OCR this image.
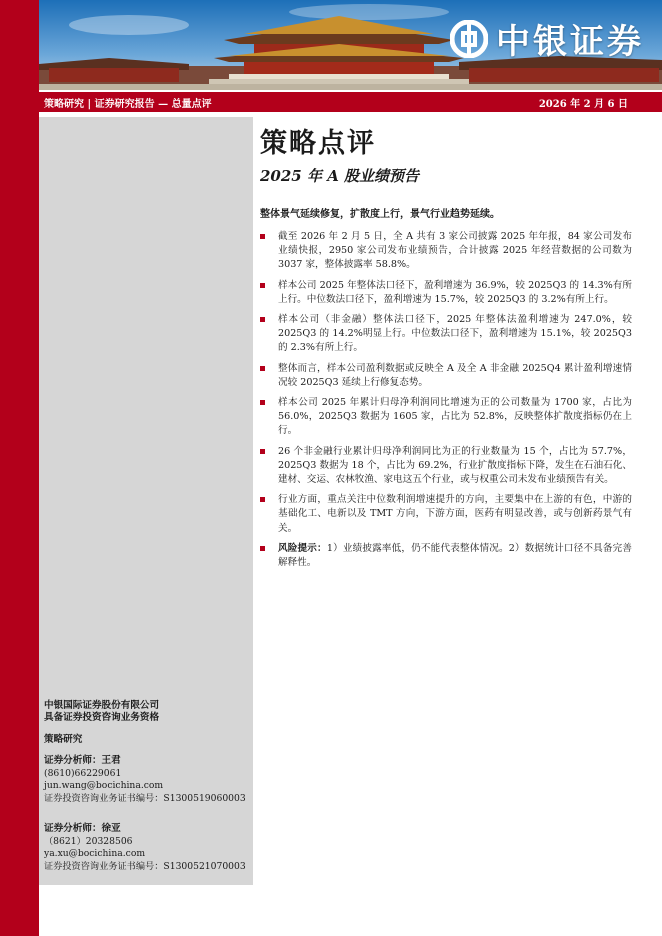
中银证券
策略研究 | 证券研究报告 — 总量点评	2026 年 2 月 6 日
中银国际证券股份有限公司
具备证券投资咨询业务资格
策略研究
证券分析师：王君
(8610)66229061
jun.wang@bocichina.com
证券投资咨询业务证书编号：S1300519060003
证券分析师：徐亚
（8621）20328506
ya.xu@bocichina.com
证券投资咨询业务证书编号：S1300521070003
策略点评
2025 年 A 股业绩预告
整体景气延续修复，扩散度上行，景气行业趋势延续。
截至 2026 年 2 月 5 日，全 A 共有 3 家公司披露 2025 年年报，84 家公司发布业绩快报，2950 家公司发布业绩预告，合计披露 2025 年经营数据的公司数为 3037 家，整体披露率 58.8%。
样本公司 2025 年整体法口径下，盈利增速为 36.9%，较 2025Q3 的 14.3%有所上行。中位数法口径下，盈利增速为 15.7%，较 2025Q3 的 3.2%有所上行。
样本公司（非金融）整体法口径下，2025 年整体法盈利增速为 247.0%，较 2025Q3 的 14.2%明显上行。中位数法口径下，盈利增速为 15.1%，较 2025Q3 的 2.3%有所上行。
整体而言，样本公司盈利数据或反映全 A 及全 A 非金融 2025Q4 累计盈利增速情况较 2025Q3 延续上行修复态势。
样本公司 2025 年累计归母净利润同比增速为正的公司数量为 1700 家，占比为 56.0%，2025Q3 数据为 1605 家，占比为 52.8%，反映整体扩散度指标仍在上行。
26 个非金融行业累计归母净利润同比为正的行业数量为 15 个，占比为 57.7%，2025Q3 数据为 18 个，占比为 69.2%，行业扩散度指标下降，发生在石油石化、建材、交运、农林牧渔、家电这五个行业，或与权重公司未发布业绩预告有关。
行业方面，重点关注中位数利润增速提升的方向，主要集中在上游的有色，中游的基础化工、电新以及 TMT 方向，下游方面，医药有明显改善，或与创新药景气有关。
风险提示：1）业绩披露率低，仍不能代表整体情况。2）数据统计口径不具备完善解释性。
